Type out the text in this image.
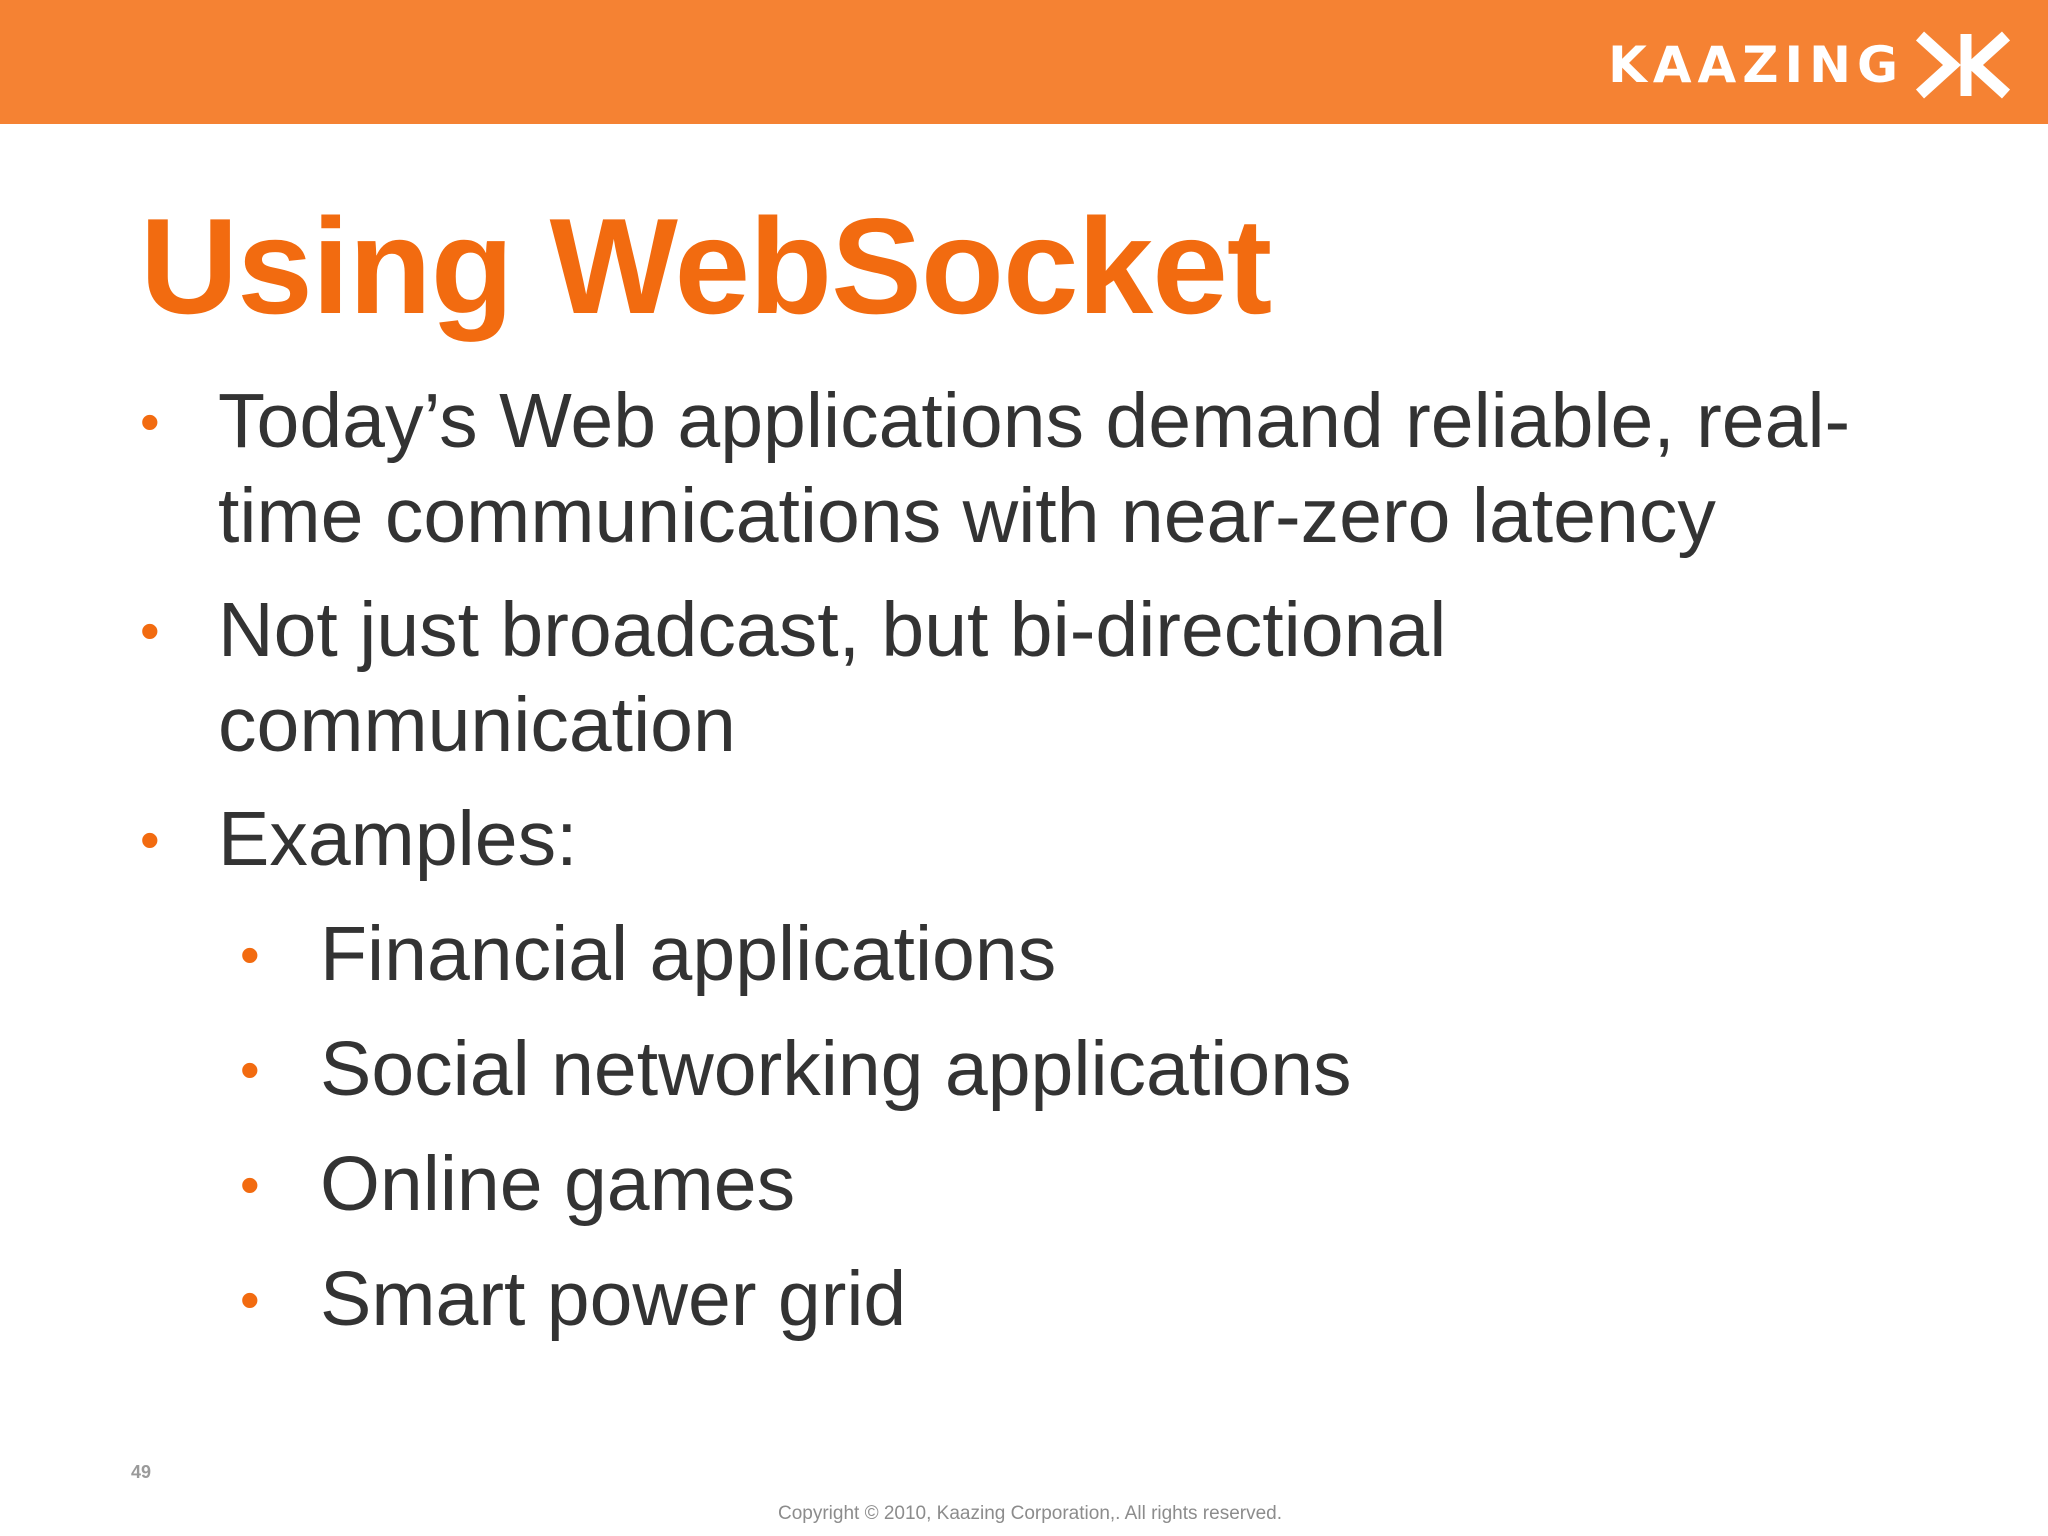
KAAZING
Using WebSocket
• Today’s Web applications demand reliable, real-
time communications with near-zero latency
• Not just broadcast, but bi-directional
communication
• Examples:
• Financial applications
• Social networking applications
• Online games
• Smart power grid
49
Copyright © 2010, Kaazing Corporation,. All rights reserved.
